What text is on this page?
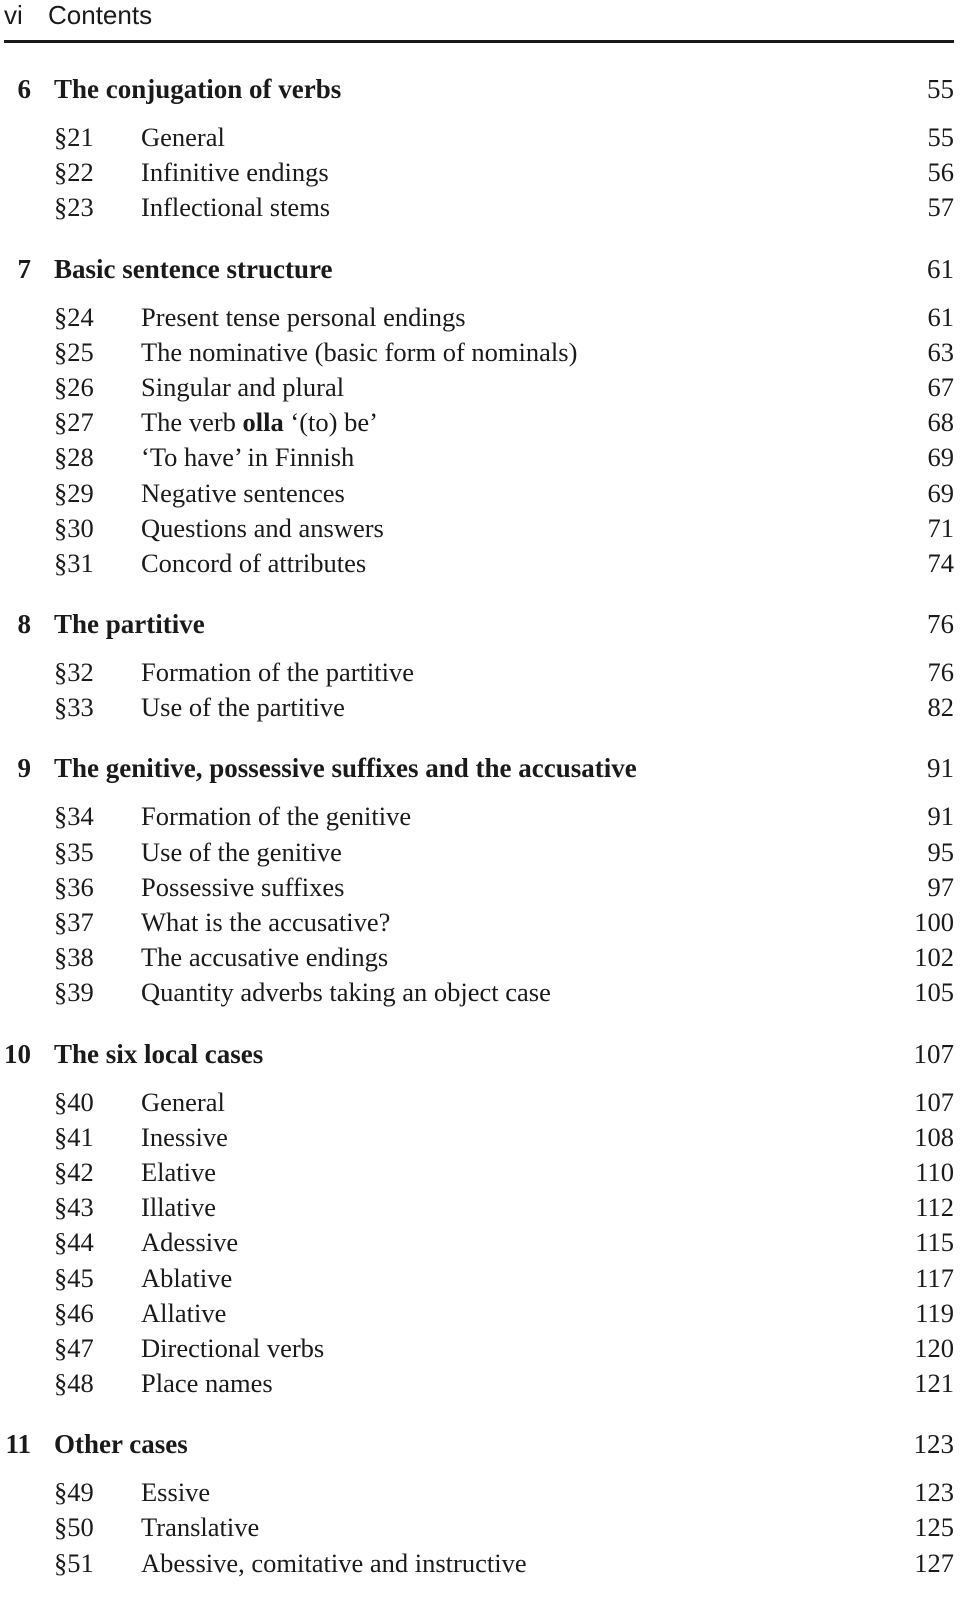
vi Contents
6 The conjugation of verbs	55
§21 General	55
§22 Infinitive endings	56
§23 Inflectional stems	57
7 Basic sentence structure	61
§24 Present tense personal endings	61
§25 The nominative (basic form of nominals)	63
§26 Singular and plural	67
§27 The verb olla ‘(to) be’	68
§28 ‘To have’ in Finnish	69
§29 Negative sentences	69
§30 Questions and answers	71
§31 Concord of attributes	74
8 The partitive	76
§32 Formation of the partitive	76
§33 Use of the partitive	82
9 The genitive, possessive suffixes and the accusative	91
§34 Formation of the genitive	91
§35 Use of the genitive	95
§36 Possessive suffixes	97
§37 What is the accusative?	100
§38 The accusative endings	102
§39 Quantity adverbs taking an object case	105
10 The six local cases	107
§40 General	107
§41 Inessive	108
§42 Elative	110
§43 Illative	112
§44 Adessive	115
§45 Ablative	117
§46 Allative	119
§47 Directional verbs	120
§48 Place names	121
11 Other cases	123
§49 Essive	123
§50 Translative	125
§51 Abessive, comitative and instructive	127
